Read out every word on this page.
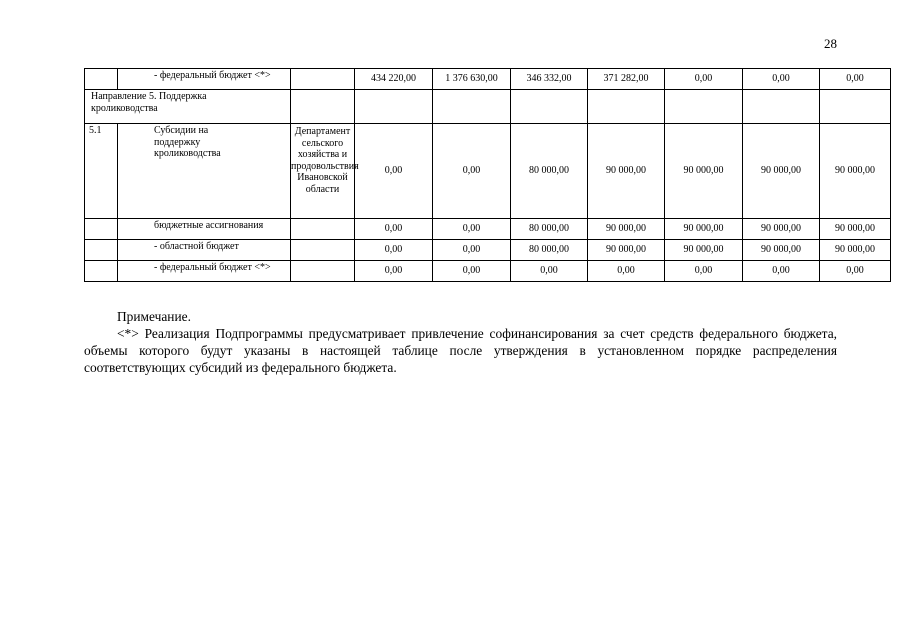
28
	- федеральный бюджет <*>		434 220,00	1 376 630,00	346 332,00	371 282,00	0,00	0,00	0,00
Направление 5. Поддержка кролиководства									
5.1	Субсидии на поддержку кролиководства	Департамент сельского хозяйства и продовольствия Ивановской области	0,00	0,00	80 000,00	90 000,00	90 000,00	90 000,00	90 000,00
	бюджетные ассигнования		0,00	0,00	80 000,00	90 000,00	90 000,00	90 000,00	90 000,00
	- областной бюджет		0,00	0,00	80 000,00	90 000,00	90 000,00	90 000,00	90 000,00
	- федеральный бюджет <*>		0,00	0,00	0,00	0,00	0,00	0,00	0,00

Примечание.

<*> Реализация Подпрограммы предусматривает привлечение софинансирования за счет средств федерального бюджета, объемы которого будут указаны в настоящей таблице после утверждения в установленном порядке распределения соответствующих субсидий из федерального бюджета.
